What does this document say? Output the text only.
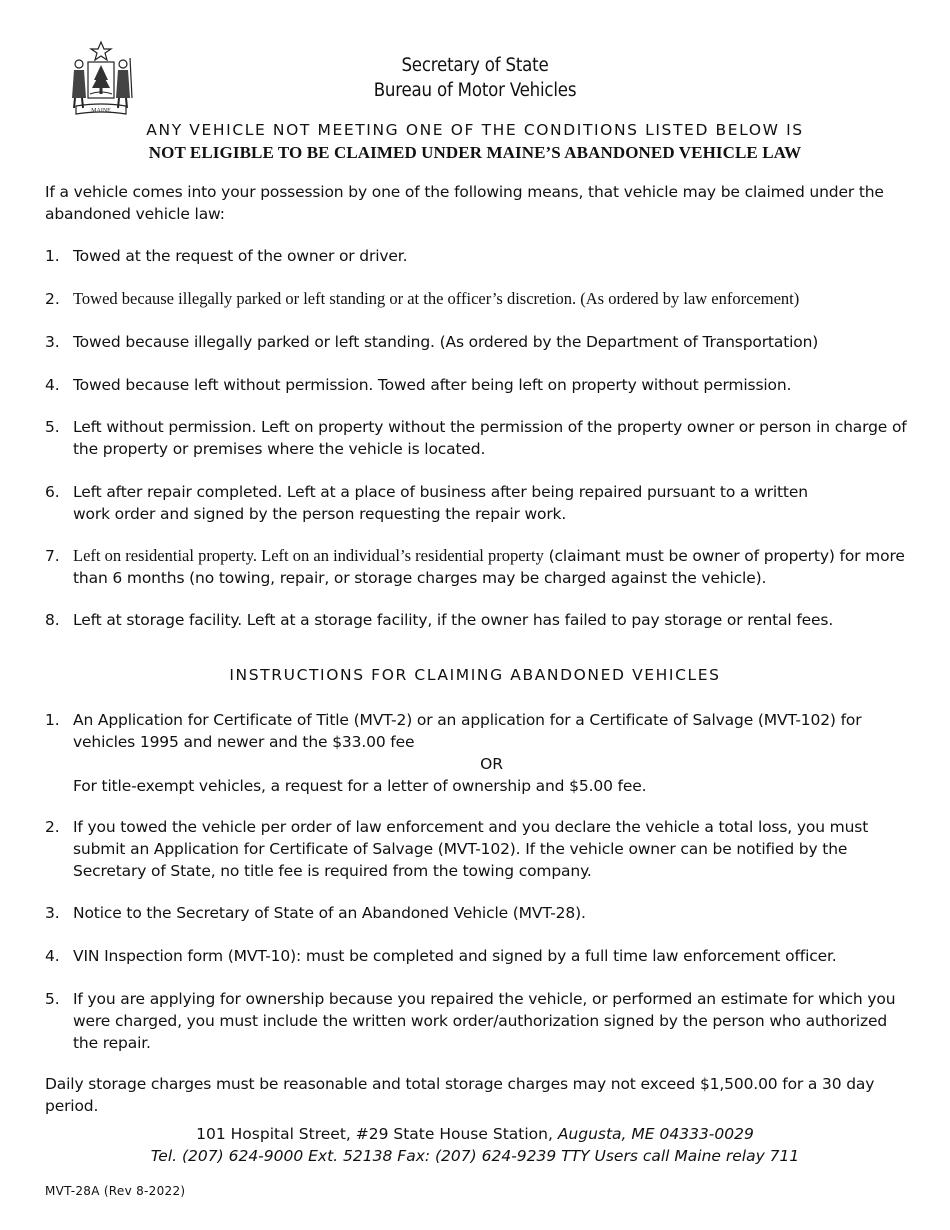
MAINE
Secretary of State
Bureau of Motor Vehicles
ANY VEHICLE NOT MEETING ONE OF THE CONDITIONS LISTED BELOW IS
NOT ELIGIBLE TO BE CLAIMED UNDER MAINE’S ABANDONED VEHICLE LAW
If a vehicle comes into your possession by one of the following means, that vehicle may be claimed under the abandoned vehicle law:
1. Towed at the request of the owner or driver.
2. Towed because illegally parked or left standing or at the officer’s discretion. (As ordered by law enforcement)
3. Towed because illegally parked or left standing. (As ordered by the Department of Transportation)
4. Towed because left without permission. Towed after being left on property without permission.
5. Left without permission. Left on property without the permission of the property owner or person in charge of the property or premises where the vehicle is located.
6. Left after repair completed. Left at a place of business after being repaired pursuant to a written work order and signed by the person requesting the repair work.
7. Left on residential property. Left on an individual’s residential property (claimant must be owner of property) for more than 6 months (no towing, repair, or storage charges may be charged against the vehicle).
8. Left at storage facility. Left at a storage facility, if the owner has failed to pay storage or rental fees.
INSTRUCTIONS FOR CLAIMING ABANDONED VEHICLES
1. An Application for Certificate of Title (MVT-2) or an application for a Certificate of Salvage (MVT-102) for vehicles 1995 and newer and the $33.00 fee
OR
For title-exempt vehicles, a request for a letter of ownership and $5.00 fee.
2. If you towed the vehicle per order of law enforcement and you declare the vehicle a total loss, you must submit an Application for Certificate of Salvage (MVT-102). If the vehicle owner can be notified by the Secretary of State, no title fee is required from the towing company.
3. Notice to the Secretary of State of an Abandoned Vehicle (MVT-28).
4. VIN Inspection form (MVT-10): must be completed and signed by a full time law enforcement officer.
5. If you are applying for ownership because you repaired the vehicle, or performed an estimate for which you were charged, you must include the written work order/authorization signed by the person who authorized the repair.
Daily storage charges must be reasonable and total storage charges may not exceed $1,500.00 for a 30 day period.
101 Hospital Street, #29 State House Station, Augusta, ME 04333-0029
Tel. (207) 624-9000 Ext. 52138 Fax: (207) 624-9239 TTY Users call Maine relay 711
MVT-28A (Rev 8-2022)
